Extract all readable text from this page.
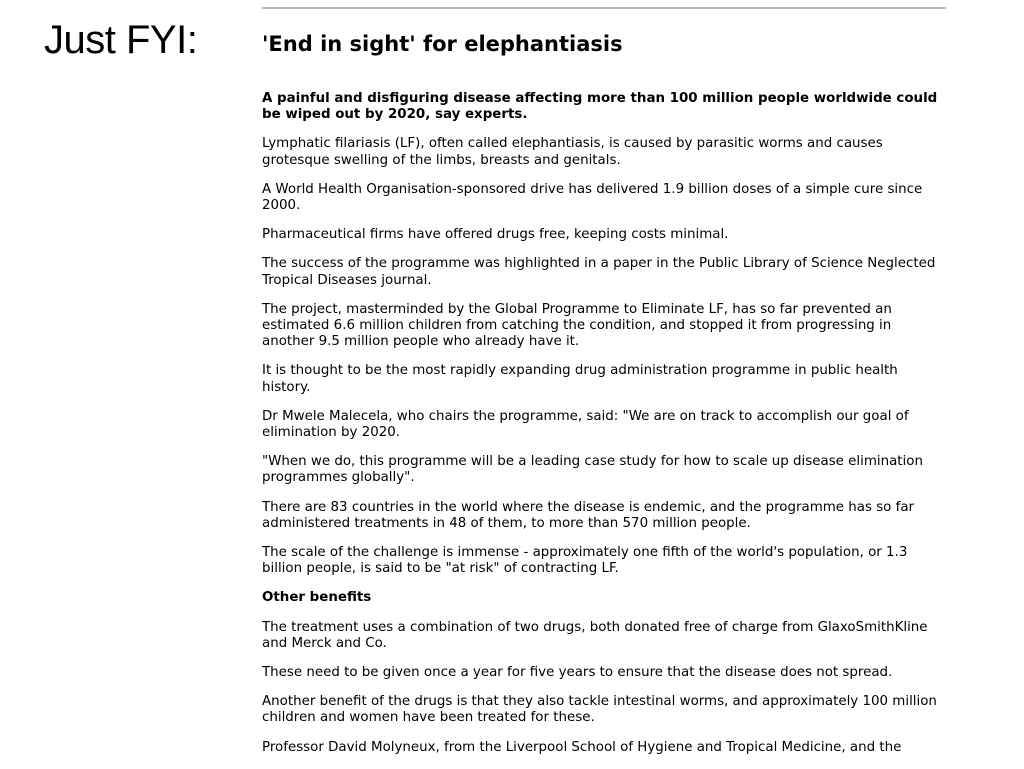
Just FYI:	'End in sight' for elephantiasis

A painful and disfiguring disease affecting more than 100 million people worldwide could be wiped out by 2020, say experts.

Lymphatic filariasis (LF), often called elephantiasis, is caused by parasitic worms and causes grotesque swelling of the limbs, breasts and genitals.

A World Health Organisation-sponsored drive has delivered 1.9 billion doses of a simple cure since 2000.

Pharmaceutical firms have offered drugs free, keeping costs minimal.

The success of the programme was highlighted in a paper in the Public Library of Science Neglected Tropical Diseases journal.

The project, masterminded by the Global Programme to Eliminate LF, has so far prevented an estimated 6.6 million children from catching the condition, and stopped it from progressing in another 9.5 million people who already have it.

It is thought to be the most rapidly expanding drug administration programme in public health history.

Dr Mwele Malecela, who chairs the programme, said: "We are on track to accomplish our goal of elimination by 2020.

"When we do, this programme will be a leading case study for how to scale up disease elimination programmes globally".

There are 83 countries in the world where the disease is endemic, and the programme has so far administered treatments in 48 of them, to more than 570 million people.

The scale of the challenge is immense - approximately one fifth of the world's population, or 1.3 billion people, is said to be "at risk" of contracting LF.

Other benefits

The treatment uses a combination of two drugs, both donated free of charge from GlaxoSmithKline and Merck and Co.

These need to be given once a year for five years to ensure that the disease does not spread.

Another benefit of the drugs is that they also tackle intestinal worms, and approximately 100 million children and women have been treated for these.

Professor David Molyneux, from the Liverpool School of Hygiene and Tropical Medicine, and the
